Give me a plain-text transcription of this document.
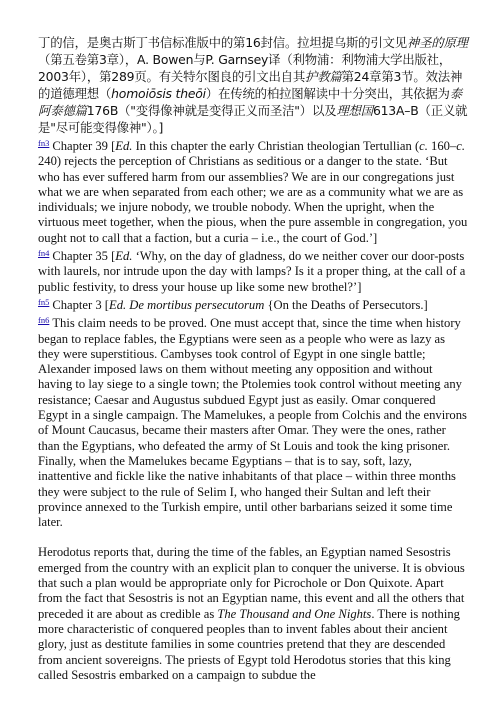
丁的信，是奥古斯丁书信标准版中的第16封信。拉坦提乌斯的引文见神圣的原理（第五卷第3章），A. Bowen与P. Garnsey译（利物浦：利物浦大学出版社，2003年），第289页。有关特尔图良的引文出自其护教篇第24章第3节。效法神的道德理想（homoiōsis theōi）在传统的柏拉图解读中十分突出，其依据为泰阿泰德篇176B（"变得像神就是变得正义而圣洁"）以及理想国613A–B（正义就是"尽可能变得像神"）。]

$^{fn3}$ Chapter 39 [Ed. In this chapter the early Christian theologian Tertullian (c. 160–c. 240) rejects the perception of Christians as seditious or a danger to the state. ‘But who has ever suffered harm from our assemblies? We are in our congregations just what we are when separated from each other; we are as a community what we are as individuals; we injure nobody, we trouble nobody. When the upright, when the virtuous meet together, when the pious, when the pure assemble in congregation, you ought not to call that a faction, but a curia – i.e., the court of God.’]

$^{fn4}$ Chapter 35 [Ed. ‘Why, on the day of gladness, do we neither cover our door-posts with laurels, nor intrude upon the day with lamps? Is it a proper thing, at the call of a public festivity, to dress your house up like some new brothel?’]

$^{fn5}$ Chapter 3 [Ed. De mortibus persecutorum {On the Deaths of Persecutors.]

$^{fn6}$ This claim needs to be proved. One must accept that, since the time when history began to replace fables, the Egyptians were seen as a people who were as lazy as they were superstitious. Cambyses took control of Egypt in one single battle; Alexander imposed laws on them without meeting any opposition and without having to lay siege to a single town; the Ptolemies took control without meeting any resistance; Caesar and Augustus subdued Egypt just as easily. Omar conquered Egypt in a single campaign. The Mamelukes, a people from Colchis and the environs of Mount Caucasus, became their masters after Omar. They were the ones, rather than the Egyptians, who defeated the army of St Louis and took the king prisoner. Finally, when the Mamelukes became Egyptians – that is to say, soft, lazy, inattentive and fickle like the native inhabitants of that place – within three months they were subject to the rule of Selim I, who hanged their Sultan and left their province annexed to the Turkish empire, until other barbarians seized it some time later.

Herodotus reports that, during the time of the fables, an Egyptian named Sesostris emerged from the country with an explicit plan to conquer the universe. It is obvious that such a plan would be appropriate only for Picrochole or Don Quixote. Apart from the fact that Sesostris is not an Egyptian name, this event and all the others that preceded it are about as credible as The Thousand and One Nights. There is nothing more characteristic of conquered peoples than to invent fables about their ancient glory, just as destitute families in some countries pretend that they are descended from ancient sovereigns. The priests of Egypt told Herodotus stories that this king called Sesostris embarked on a campaign to subdue the
